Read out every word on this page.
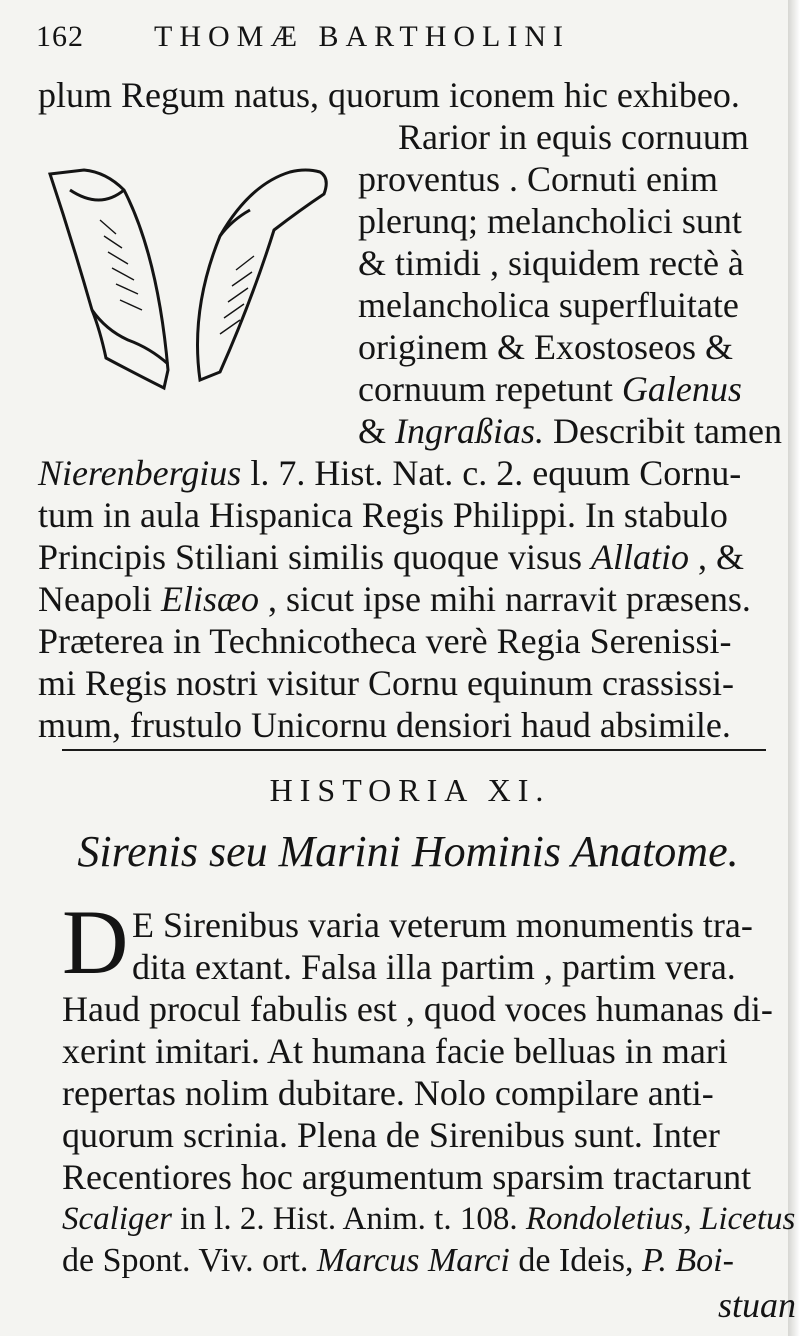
162 THOMÆ BARTHOLINI
plum Regum natus, quorum iconem hic exhibeo.
Rarior in equis cornuum
proventus . Cornuti enim
plerunq; melancholici sunt
& timidi , siquidem rectè à
melancholica superfluitate
originem & Exostoseos &
cornuum repetunt Galenus
& Ingraßias. Describit tamen
Nierenbergius l. 7. Hist. Nat. c. 2. equum Cornu-
tum in aula Hispanica Regis Philippi. In stabulo
Principis Stiliani similis quoque visus Allatio , &
Neapoli Elisæo , sicut ipse mihi narravit præsens.
Præterea in Technicotheca verè Regia Serenissi-
mi Regis nostri visitur Cornu equinum crassissi-
mum, frustulo Unicornu densiori haud absimile.
HISTORIA XI.
Sirenis seu Marini Hominis Anatome.
D E Sirenibus varia veterum monumentis tra-
dita extant. Falsa illa partim , partim vera.
Haud procul fabulis est , quod voces humanas di-
xerint imitari. At humana facie belluas in mari
repertas nolim dubitare. Nolo compilare anti-
quorum scrinia. Plena de Sirenibus sunt. Inter
Recentiores hoc argumentum sparsim tractarunt
Scaliger in l. 2. Hist. Anim. t. 108. Rondoletius, Licetus
de Spont. Viv. ort. Marcus Marci de Ideis, P. Boi-
stuan
